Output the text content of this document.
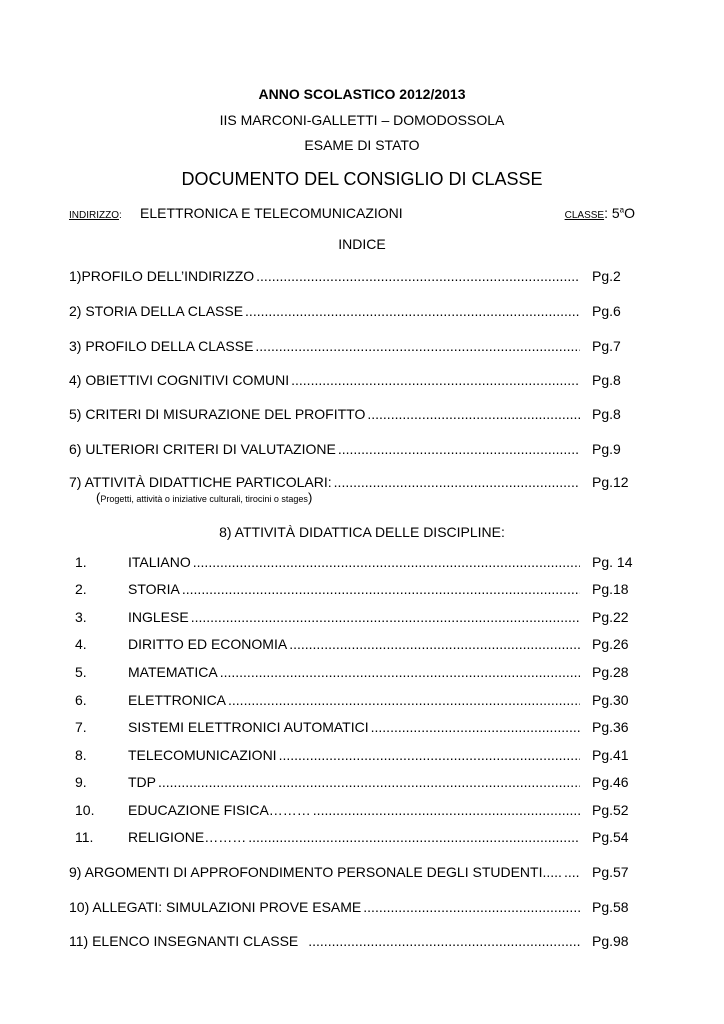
ANNO SCOLASTICO 2012/2013
IIS MARCONI-GALLETTI – DOMODOSSOLA
ESAME DI STATO
DOCUMENTO DEL CONSIGLIO DI CLASSE
INDIRIZZO: ELETTRONICA E TELECOMUNICAZIONI	CLASSE: 5$^a$O
INDICE
1)PROFILO DELL’INDIRIZZO .....	Pg.2
2) STORIA DELLA CLASSE .....	Pg.6
3) PROFILO DELLA CLASSE .....	Pg.7
4) OBIETTIVI COGNITIVI COMUNI .....	Pg.8
5) CRITERI DI MISURAZIONE DEL PROFITTO .....	Pg.8
6) ULTERIORI CRITERI DI VALUTAZIONE .....	Pg.9
7) ATTIVITÀ DIDATTICHE PARTICOLARI: .....	Pg.12
(Progetti, attività o iniziative culturali, tirocini o stages)
8) ATTIVITÀ DIDATTICA DELLE DISCIPLINE:
1.	ITALIANO .....	Pg. 14
2.	STORIA .....	Pg.18
3.	INGLESE .....	Pg.22
4.	DIRITTO ED ECONOMIA .....	Pg.26
5.	MATEMATICA .....	Pg.28
6.	ELETTRONICA .....	Pg.30
7.	SISTEMI ELETTRONICI AUTOMATICI .....	Pg.36
8.	TELECOMUNICAZIONI .....	Pg.41
9.	TDP .....	Pg.46
10.	EDUCAZIONE FISICA……… .....	Pg.52
11.	RELIGIONE……… .....	Pg.54
9) ARGOMENTI DI APPROFONDIMENTO PERSONALE DEGLI STUDENTI..... .....	Pg.57
10) ALLEGATI: SIMULAZIONI PROVE ESAME .....	Pg.58
11) ELENCO INSEGNANTI CLASSE .....	Pg.98
